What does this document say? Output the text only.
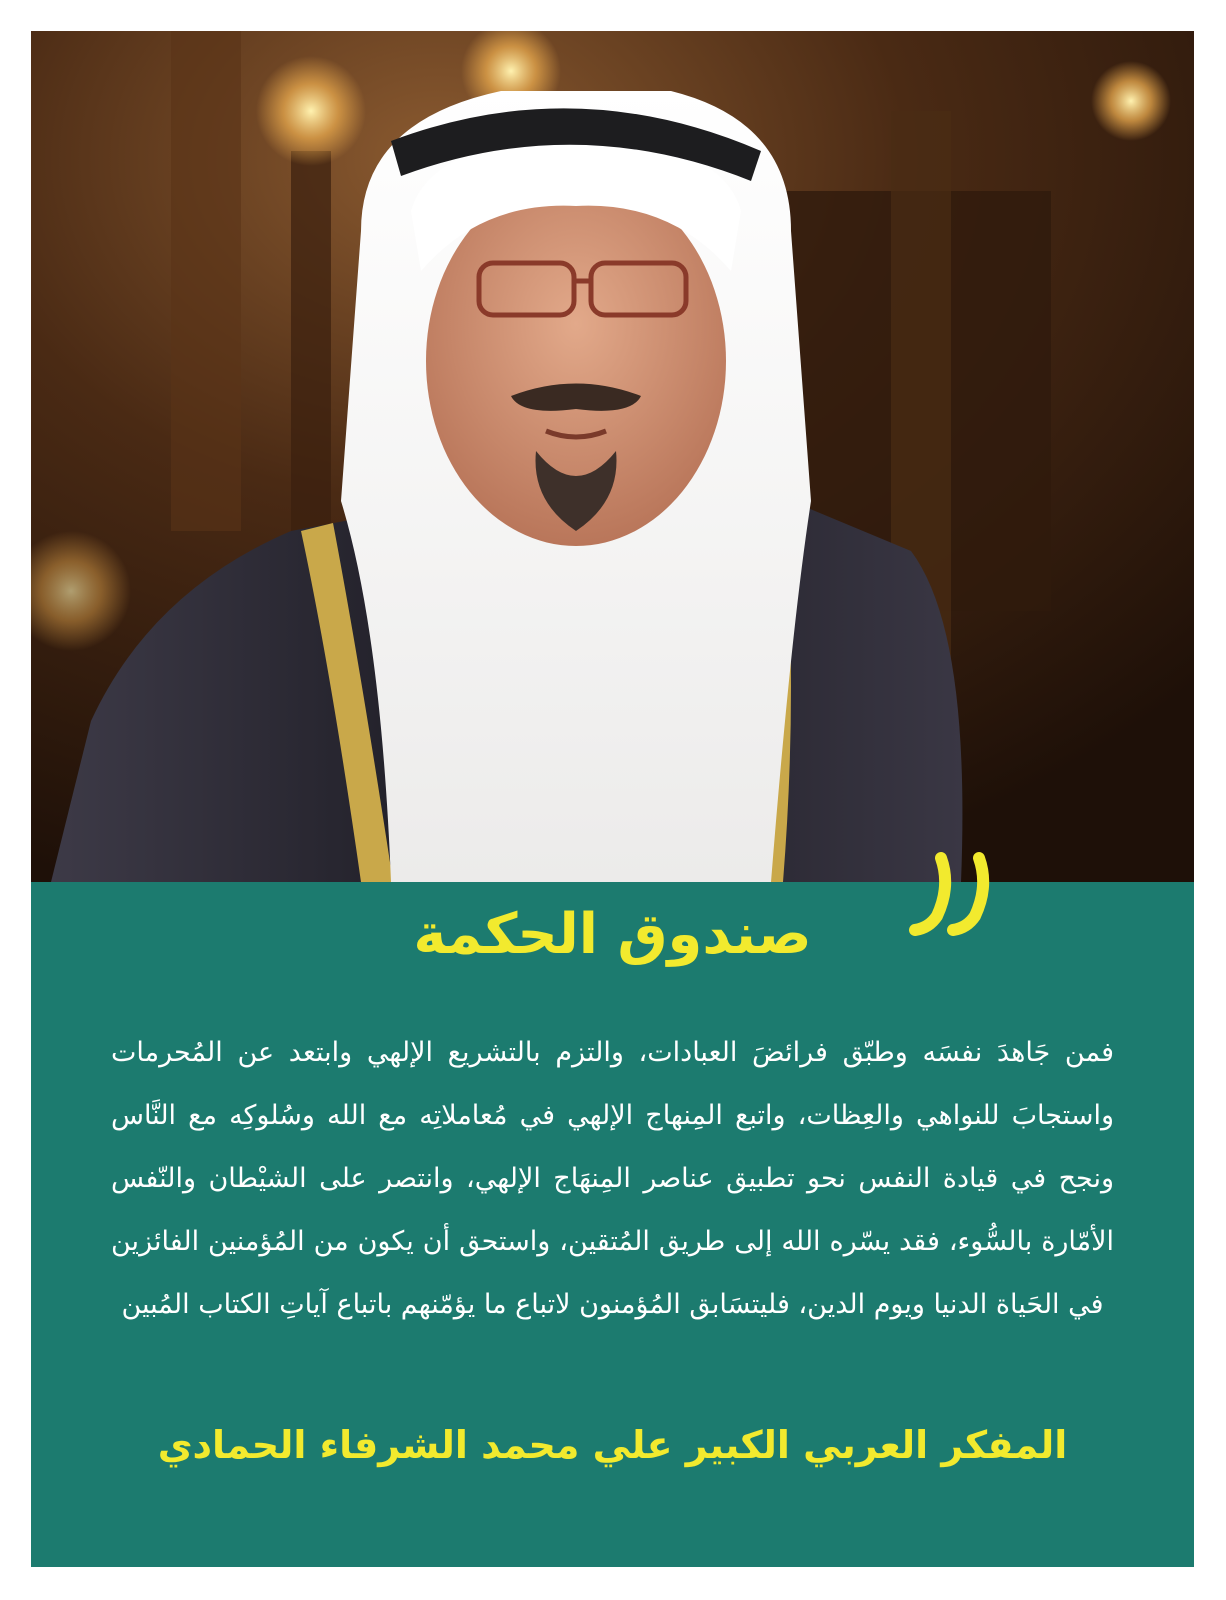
صندوق الحكمة
فمن جَاهدَ نفسَه وطبّق فرائضَ العبادات، والتزم بالتشريع الإلهي وابتعد عن المُحرمات واستجابَ للنواهي والعِظات، واتبع المِنهاج الإلهي في مُعاملاتِه مع الله وسُلوكِه مع النَّاس ونجح في قيادة النفس نحو تطبيق عناصر المِنهَاج الإلهي، وانتصر على الشيْطان والنّفس الأمّارة بالسُّوء، فقد يسّره الله إلى طريق المُتقين، واستحق أن يكون من المُؤمنين الفائزين في الحَياة الدنيا ويوم الدين، فليتسَابق المُؤمنون لاتباع ما يؤمّنهم باتباع آياتِ الكتاب المُبين
المفكر العربي الكبير علي محمد الشرفاء الحمادي
